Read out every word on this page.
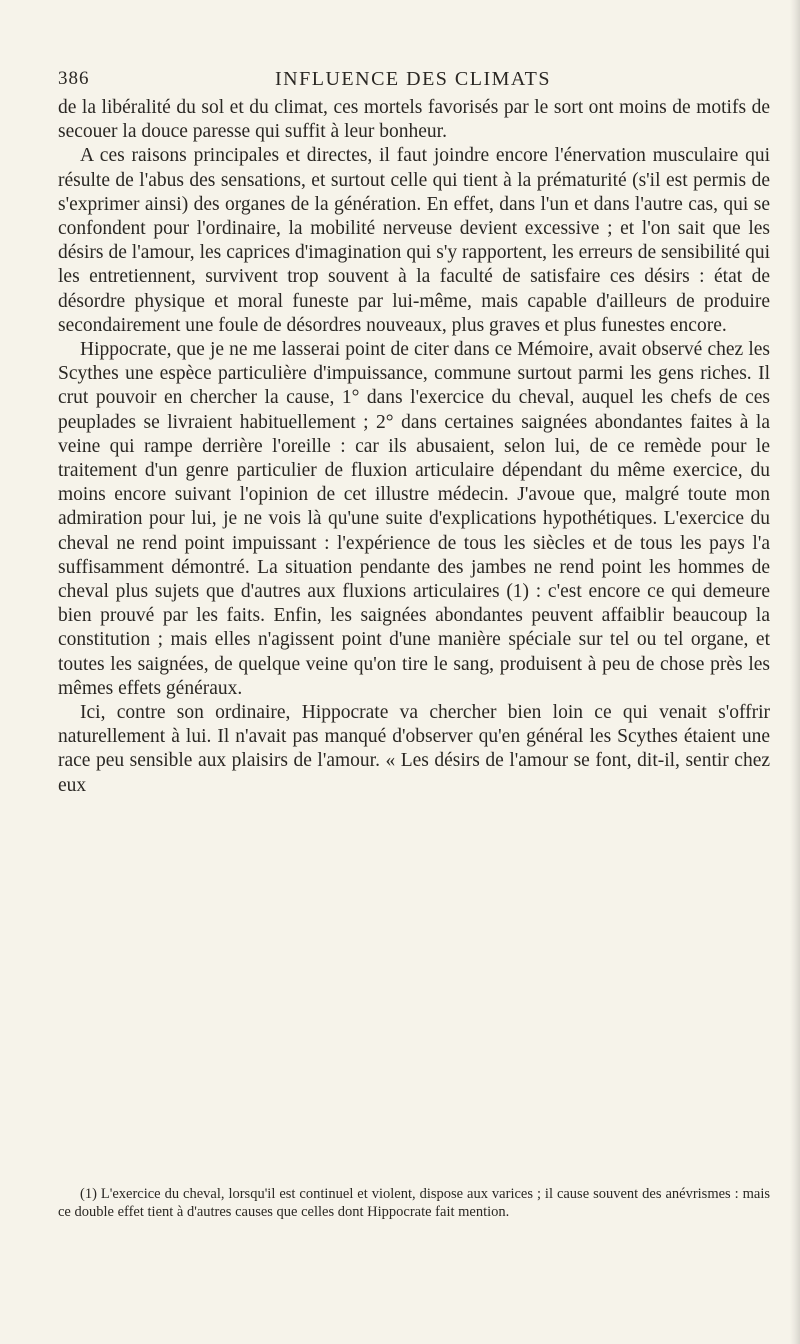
386	INFLUENCE DES CLIMATS

de la libéralité du sol et du climat, ces mortels favorisés par le sort ont moins de motifs de secouer la douce paresse qui suffit à leur bonheur.

A ces raisons principales et directes, il faut joindre encore l'énervation musculaire qui résulte de l'abus des sensations, et surtout celle qui tient à la prématurité (s'il est permis de s'exprimer ainsi) des organes de la génération. En effet, dans l'un et dans l'autre cas, qui se confondent pour l'ordinaire, la mobilité nerveuse devient excessive ; et l'on sait que les désirs de l'amour, les caprices d'imagination qui s'y rapportent, les erreurs de sensibilité qui les entretiennent, survivent trop souvent à la faculté de satisfaire ces désirs : état de désordre physique et moral funeste par lui-même, mais capable d'ailleurs de produire secondairement une foule de désordres nouveaux, plus graves et plus funestes encore.

Hippocrate, que je ne me lasserai point de citer dans ce Mémoire, avait observé chez les Scythes une espèce particulière d'impuissance, commune surtout parmi les gens riches. Il crut pouvoir en chercher la cause, 1° dans l'exercice du cheval, auquel les chefs de ces peuplades se livraient habituellement ; 2° dans certaines saignées abondantes faites à la veine qui rampe derrière l'oreille : car ils abusaient, selon lui, de ce remède pour le traitement d'un genre particulier de fluxion articulaire dépendant du même exercice, du moins encore suivant l'opinion de cet illustre médecin. J'avoue que, malgré toute mon admiration pour lui, je ne vois là qu'une suite d'explications hypothétiques. L'exercice du cheval ne rend point impuissant : l'expérience de tous les siècles et de tous les pays l'a suffisamment démontré. La situation pendante des jambes ne rend point les hommes de cheval plus sujets que d'autres aux fluxions articulaires (1) : c'est encore ce qui demeure bien prouvé par les faits. Enfin, les saignées abondantes peuvent affaiblir beaucoup la constitution ; mais elles n'agissent point d'une manière spéciale sur tel ou tel organe, et toutes les saignées, de quelque veine qu'on tire le sang, produisent à peu de chose près les mêmes effets généraux.

Ici, contre son ordinaire, Hippocrate va chercher bien loin ce qui venait s'offrir naturellement à lui. Il n'avait pas manqué d'observer qu'en général les Scythes étaient une race peu sensible aux plaisirs de l'amour. « Les désirs de l'amour se font, dit-il, sentir chez eux

(1) L'exercice du cheval, lorsqu'il est continuel et violent, dispose aux varices ; il cause souvent des anévrismes : mais ce double effet tient à d'autres causes que celles dont Hippocrate fait mention.
